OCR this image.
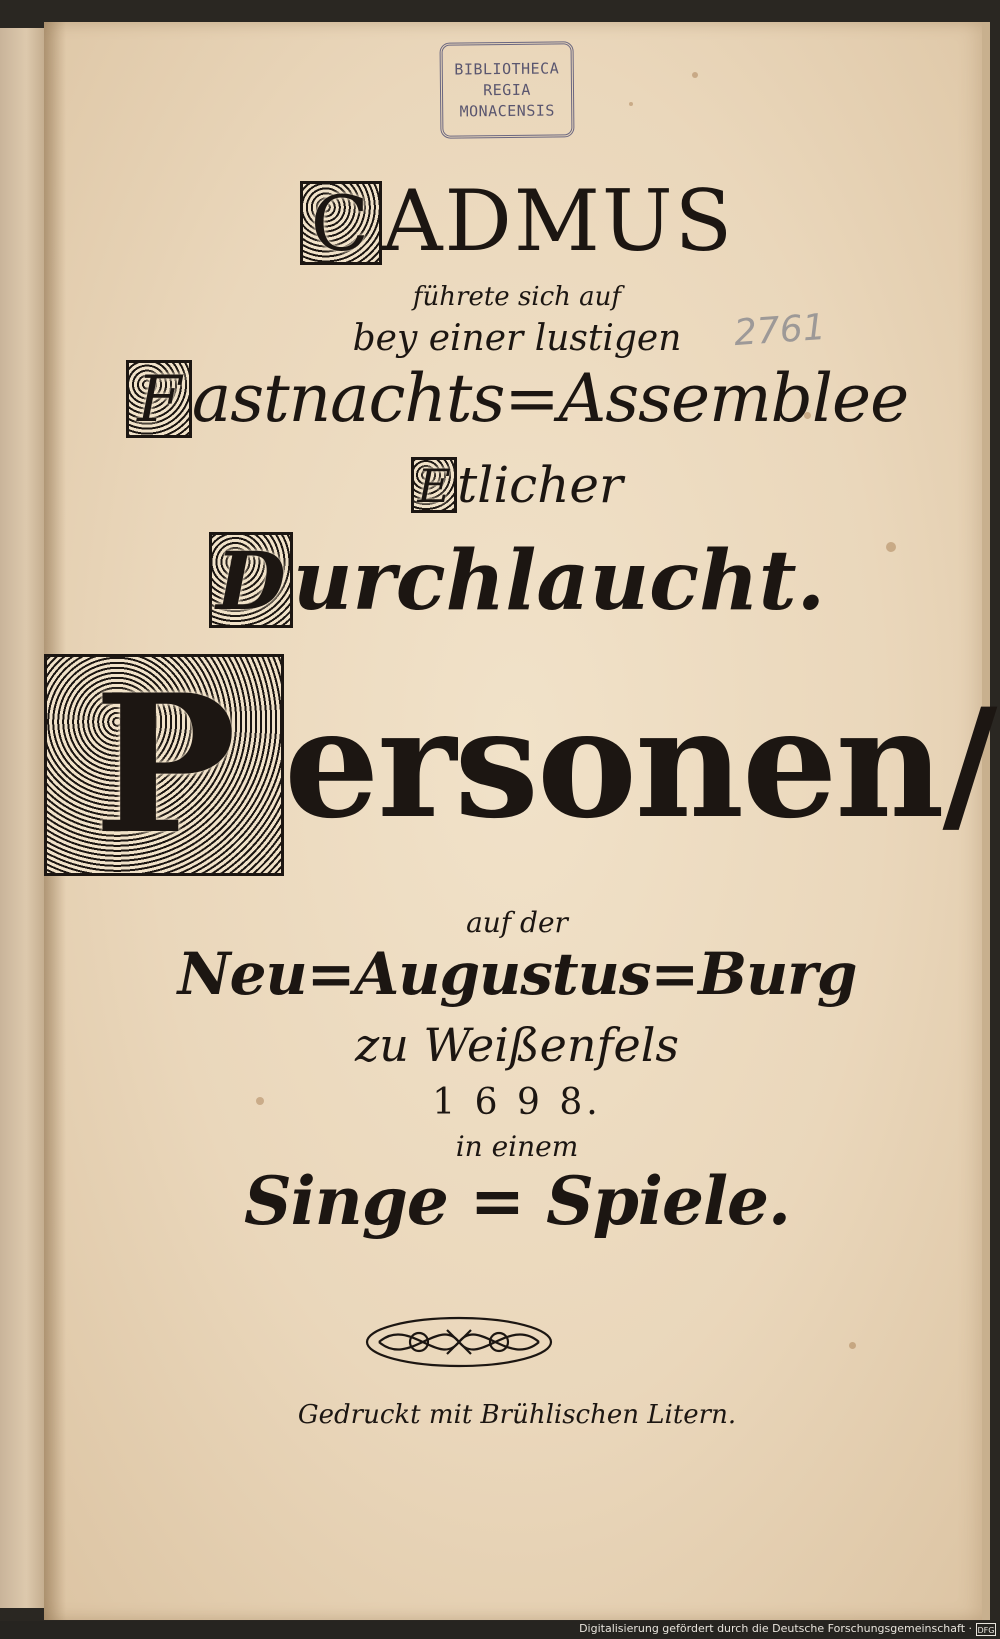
BIBLIOTHECA
REGIA
MONACENSIS
2761
C ADMUS
führete sich auf
bey einer lustigen
F astnachts=Assemblee
E tlicher
Durchlaucht.
P ersonen/
auf der
Neu=Augustus=Burg
zu Weißenfels
1 6 9 8.
in einem
Singe = Spiele.
Gedruckt mit Brühlischen Litern.
Digitalisierung gefördert durch die Deutsche Forschungsgemeinschaft · DFG
